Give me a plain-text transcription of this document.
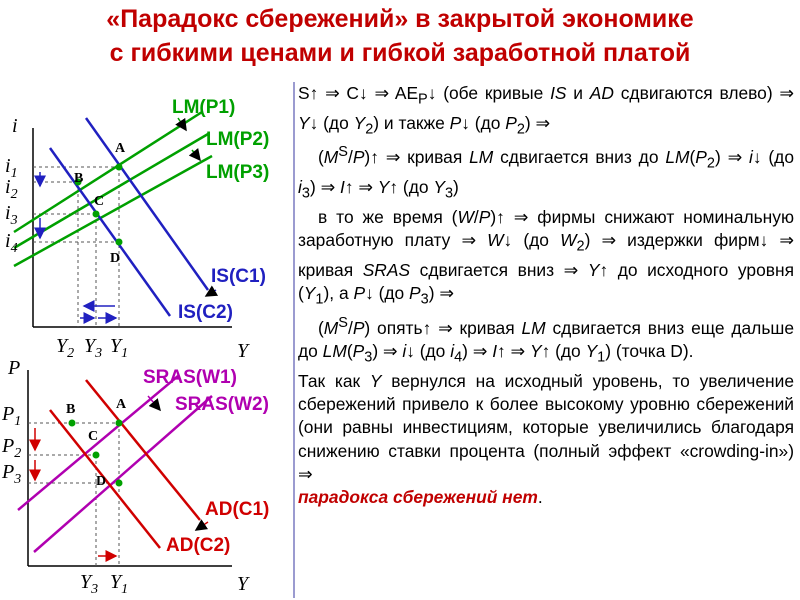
«Парадокс сбережений» в закрытой экономике
с гибкими ценами и гибкой заработной платой
i
Y
LM(P1)
LM(P2)
LM(P3)
IS(C1)
IS(C2)
A
B
C
D
$i_1$
$i_2$
$i_3$
$i_4$
$Y_2$ $Y_3$ $Y_1$
P
Y
SRAS(W1)
SRAS(W2)
AD(C1)
AD(C2)
A
B
C
D
$P_1$
$P_2$
$P_3$
$Y_3$ $Y_1$

S↑ ⇒ C↓ ⇒ $AE_P↓$ (обе кривые IS и AD сдвигаются влево) ⇒ Y↓ (до $Y_2$) и также P↓ (до $P_2$) ⇒

$(M^S/P)↑$ ⇒ кривая LM сдвигается вниз до $LM(P_2)$ ⇒ i↓ (до $i_3$) ⇒ I↑ ⇒ Y↑ (до $Y_3$)

в то же время (W/P)↑ ⇒ фирмы снижают номинальную заработную плату ⇒ W↓ (до $W_2$) ⇒ издержки фирм↓ ⇒ кривая SRAS сдвигается вниз ⇒ Y↑ до исходного уровня $(Y_1)$, а P↓ (до $P_3$) ⇒

$(M^S/P)$ опять↑ ⇒ кривая LM сдвигается вниз еще дальше до $LM(P_3)$ ⇒ i↓ (до $i_4$) ⇒ I↑ ⇒ Y↑ (до $Y_1$) (точка D).

Так как Y вернулся на исходный уровень, то увеличение сбережений привело к более высокому уровню сбережений (они равны инвестициям, которые увеличились благодаря снижению ставки процента (полный эффект «crowding-in») ⇒
парадокса сбережений нет.
